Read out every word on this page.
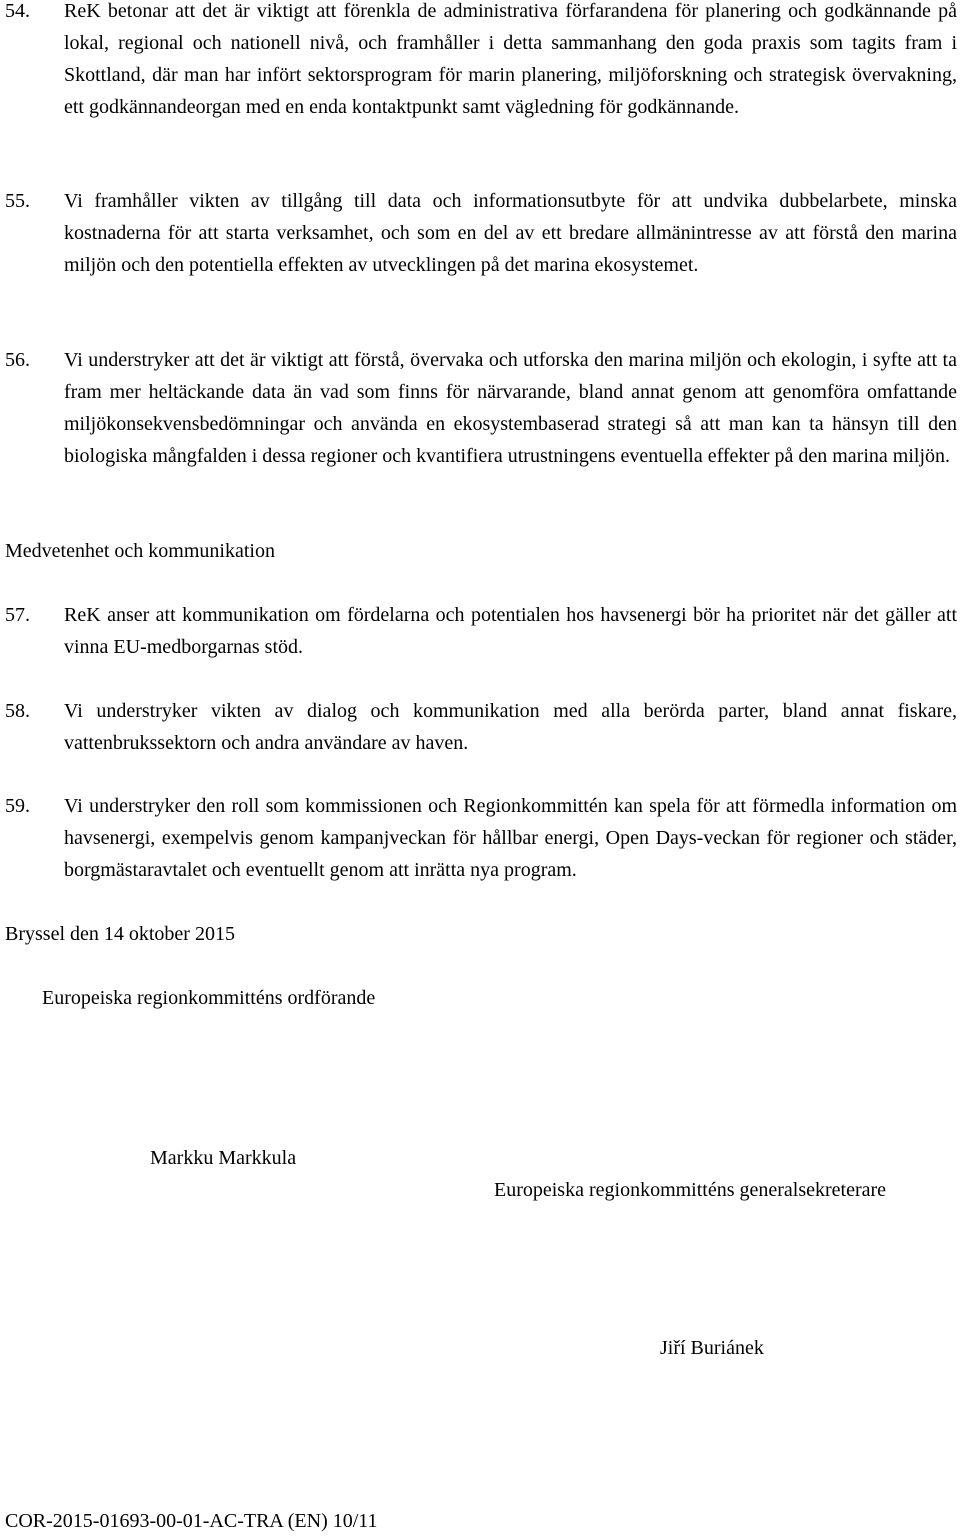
54. ReK betonar att det är viktigt att förenkla de administrativa förfarandena för planering och godkännande på lokal, regional och nationell nivå, och framhåller i detta sammanhang den goda praxis som tagits fram i Skottland, där man har infört sektorsprogram för marin planering, miljöforskning och strategisk övervakning, ett godkännandeorgan med en enda kontaktpunkt samt vägledning för godkännande.
55. Vi framhåller vikten av tillgång till data och informationsutbyte för att undvika dubbelarbete, minska kostnaderna för att starta verksamhet, och som en del av ett bredare allmänintresse av att förstå den marina miljön och den potentiella effekten av utvecklingen på det marina ekosystemet.
56. Vi understryker att det är viktigt att förstå, övervaka och utforska den marina miljön och ekologin, i syfte att ta fram mer heltäckande data än vad som finns för närvarande, bland annat genom att genomföra omfattande miljökonsekvensbedömningar och använda en ekosystembaserad strategi så att man kan ta hänsyn till den biologiska mångfalden i dessa regioner och kvantifiera utrustningens eventuella effekter på den marina miljön.
Medvetenhet och kommunikation
57. ReK anser att kommunikation om fördelarna och potentialen hos havsenergi bör ha prioritet när det gäller att vinna EU-medborgarnas stöd.
58. Vi understryker vikten av dialog och kommunikation med alla berörda parter, bland annat fiskare, vattenbrukssektorn och andra användare av haven.
59. Vi understryker den roll som kommissionen och Regionkommittén kan spela för att förmedla information om havsenergi, exempelvis genom kampanjveckan för hållbar energi, Open Days-veckan för regioner och städer, borgmästaravtalet och eventuellt genom att inrätta nya program.
Bryssel den 14 oktober 2015
Europeiska regionkommitténs ordförande
Markku Markkula
Europeiska regionkommitténs generalsekreterare
Jiří Buriánek
COR-2015-01693-00-01-AC-TRA (EN) 10/11
